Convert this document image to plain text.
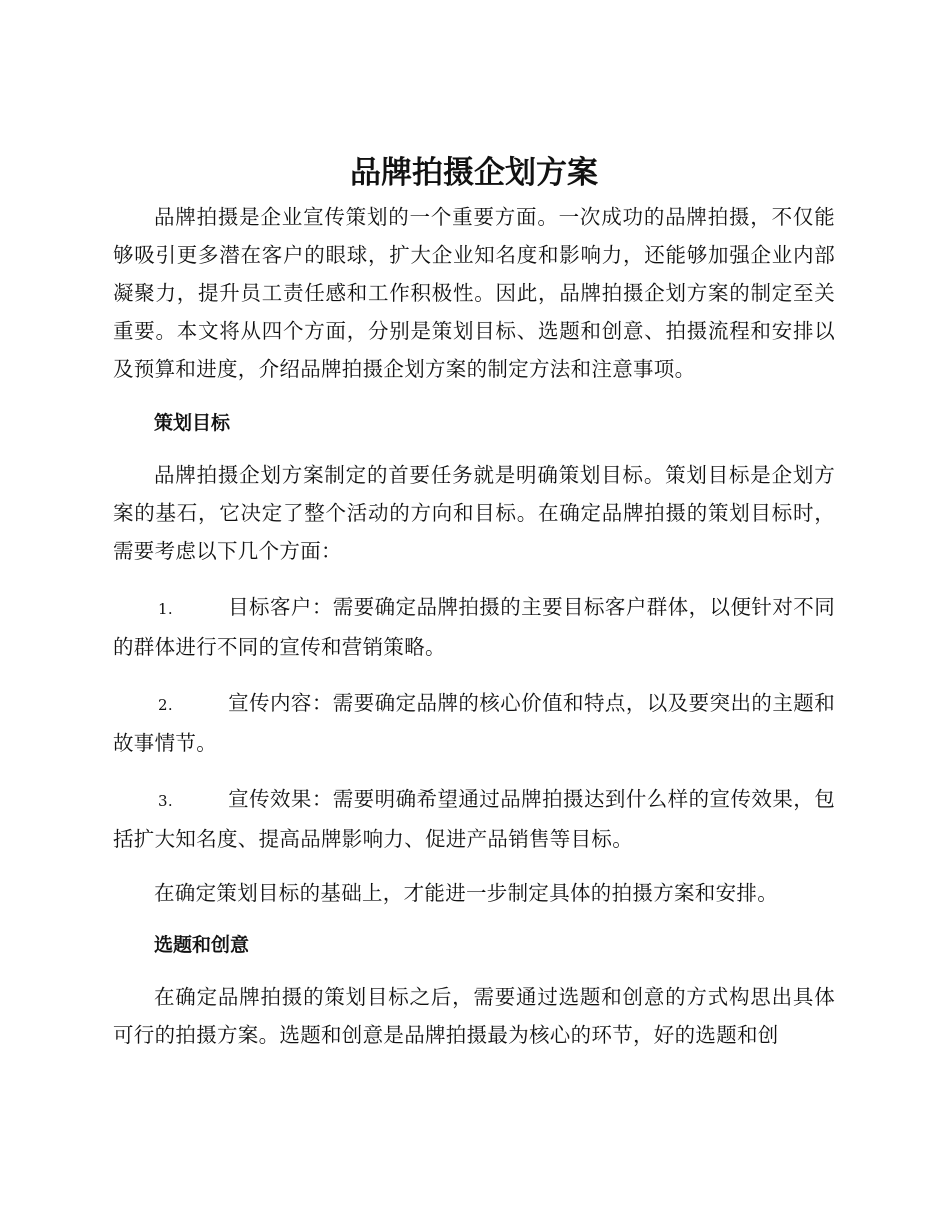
品牌拍摄企划方案

品牌拍摄是企业宣传策划的一个重要方面。一次成功的品牌拍摄，不仅能够吸引更多潜在客户的眼球，扩大企业知名度和影响力，还能够加强企业内部凝聚力，提升员工责任感和工作积极性。因此，品牌拍摄企划方案的制定至关重要。本文将从四个方面，分别是策划目标、选题和创意、拍摄流程和安排以及预算和进度，介绍品牌拍摄企划方案的制定方法和注意事项。

策划目标

品牌拍摄企划方案制定的首要任务就是明确策划目标。策划目标是企划方案的基石，它决定了整个活动的方向和目标。在确定品牌拍摄的策划目标时，需要考虑以下几个方面：

1.	目标客户：需要确定品牌拍摄的主要目标客户群体，以便针对不同的群体进行不同的宣传和营销策略。

2.	宣传内容：需要确定品牌的核心价值和特点，以及要突出的主题和故事情节。

3.	宣传效果：需要明确希望通过品牌拍摄达到什么样的宣传效果，包括扩大知名度、提高品牌影响力、促进产品销售等目标。

在确定策划目标的基础上，才能进一步制定具体的拍摄方案和安排。

选题和创意

在确定品牌拍摄的策划目标之后，需要通过选题和创意的方式构思出具体可行的拍摄方案。选题和创意是品牌拍摄最为核心的环节，好的选题和创
